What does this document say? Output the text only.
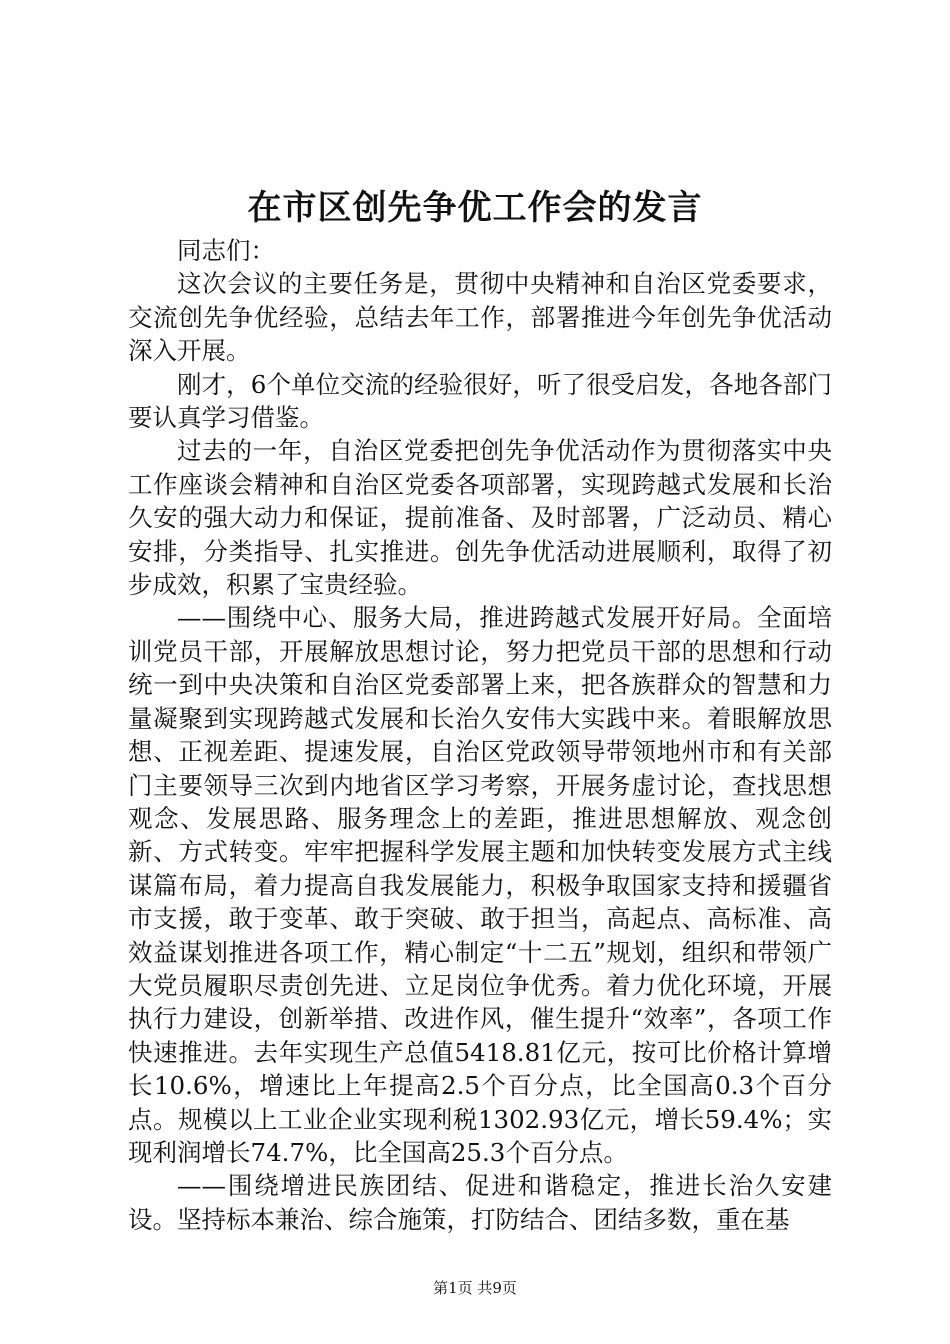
在市区创先争优工作会的发言

同志们：

这次会议的主要任务是，贯彻中央精神和自治区党委要求，交流创先争优经验，总结去年工作，部署推进今年创先争优活动深入开展。

刚才，6个单位交流的经验很好，听了很受启发，各地各部门要认真学习借鉴。

过去的一年，自治区党委把创先争优活动作为贯彻落实中央工作座谈会精神和自治区党委各项部署，实现跨越式发展和长治久安的强大动力和保证，提前准备、及时部署，广泛动员、精心安排，分类指导、扎实推进。创先争优活动进展顺利，取得了初步成效，积累了宝贵经验。

——围绕中心、服务大局，推进跨越式发展开好局。全面培训党员干部，开展解放思想讨论，努力把党员干部的思想和行动统一到中央决策和自治区党委部署上来，把各族群众的智慧和力量凝聚到实现跨越式发展和长治久安伟大实践中来。着眼解放思想、正视差距、提速发展，自治区党政领导带领地州市和有关部门主要领导三次到内地省区学习考察，开展务虚讨论，查找思想观念、发展思路、服务理念上的差距，推进思想解放、观念创新、方式转变。牢牢把握科学发展主题和加快转变发展方式主线谋篇布局，着力提高自我发展能力，积极争取国家支持和援疆省市支援，敢于变革、敢于突破、敢于担当，高起点、高标准、高效益谋划推进各项工作，精心制定“十二五”规划，组织和带领广大党员履职尽责创先进、立足岗位争优秀。着力优化环境，开展执行力建设，创新举措、改进作风，催生提升“效率”，各项工作快速推进。去年实现生产总值5418.81亿元，按可比价格计算增长10.6%，增速比上年提高2.5个百分点，比全国高0.3个百分点。规模以上工业企业实现利税1302.93亿元，增长59.4%；实现利润增长74.7%，比全国高25.3个百分点。

——围绕增进民族团结、促进和谐稳定，推进长治久安建设。坚持标本兼治、综合施策，打防结合、团结多数，重在基

第1页 共9页
